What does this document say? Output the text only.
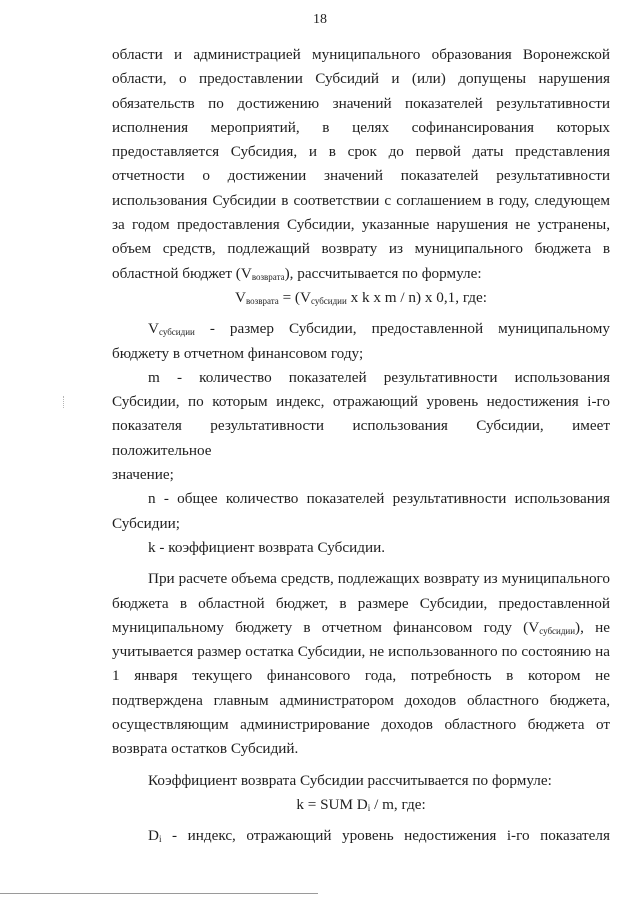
18

области и администрацией муниципального образования Воронежской

области, о предоставлении Субсидий и (или) допущены нарушения

обязательств по достижению значений показателей результативности

исполнения мероприятий, в целях софинансирования которых

предоставляется Субсидия, и в срок до первой даты представления

отчетности о достижении значений показателей результативности

использования Субсидии в соответствии с соглашением в году, следующем

за годом предоставления Субсидии, указанные нарушения не устранены,

объем средств, подлежащий возврату из муниципального бюджета в

областной бюджет $(V_{возврата})$, рассчитывается по формуле:

$V_{возврата} = (V_{субсидии}$ x k x m / n) x 0,1, где:

$V_{субсидии}$ - размер Субсидии, предоставленной муниципальному

бюджету в отчетном финансовом году;

m - количество показателей результативности использования

Субсидии, по которым индекс, отражающий уровень недостижения i-го

показателя результативности использования Субсидии, имеет положительное

значение;

n - общее количество показателей результативности использования

Субсидии;

k - коэффициент возврата Субсидии.

При расчете объема средств, подлежащих возврату из муниципального

бюджета в областной бюджет, в размере Субсидии, предоставленной

муниципальному бюджету в отчетном финансовом году $(V_{субсидии})$, не

учитывается размер остатка Субсидии, не использованного по состоянию на

1 января текущего финансового года, потребность в котором не

подтверждена главным администратором доходов областного бюджета,

осуществляющим администрирование доходов областного бюджета от

возврата остатков Субсидий.

Коэффициент возврата Субсидии рассчитывается по формуле:

k = SUM $D_i$ / m, где:

$D_i$ - индекс, отражающий уровень недостижения i-го показателя
